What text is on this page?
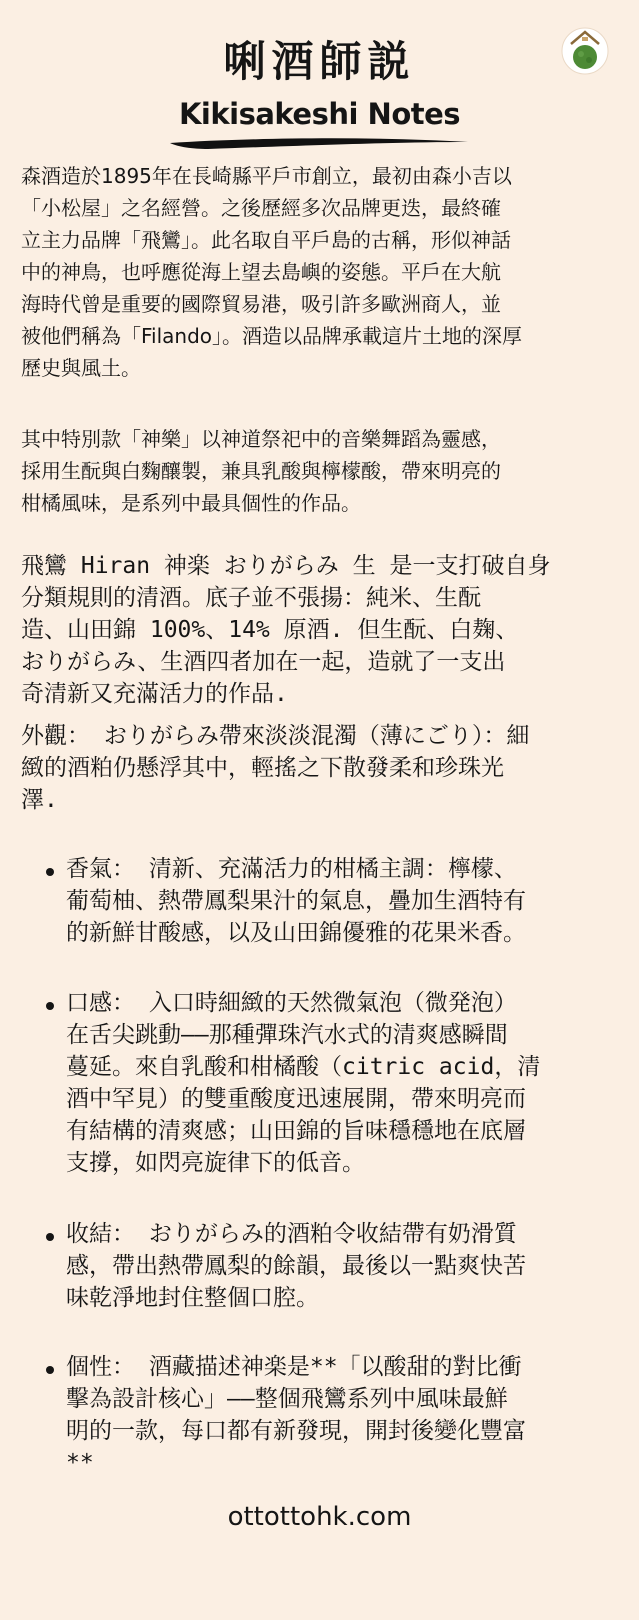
唎酒師説
Kikisakeshi Notes

森酒造於1895年在長崎縣平戶市創立，最初由森小吉以
「小松屋」之名經營。之後歷經多次品牌更迭，最終確
立主力品牌「飛鸞」。此名取自平戶島的古稱，形似神話
中的神鳥，也呼應從海上望去島嶼的姿態。平戶在大航
海時代曾是重要的國際貿易港，吸引許多歐洲商人，並
被他們稱為「Filando」。酒造以品牌承載這片土地的深厚
歷史與風土。

其中特別款「神樂」以神道祭祀中的音樂舞蹈為靈感，
採用生酛與白麴釀製，兼具乳酸與檸檬酸，帶來明亮的
柑橘風味，是系列中最具個性的作品。

飛鸞 Hiran 神楽 おりがらみ 生 是一支打破自身
分類規則的清酒。底子並不張揚：純米、生酛
造、山田錦 100%、14% 原酒. 但生酛、白麹、
おりがらみ、生酒四者加在一起，造就了一支出
奇清新又充滿活力的作品.

外觀： おりがらみ帶來淡淡混濁（薄にごり）：細
緻的酒粕仍懸浮其中，輕搖之下散發柔和珍珠光
澤.

香氣： 清新、充滿活力的柑橘主調：檸檬、
葡萄柚、熱帶鳳梨果汁的氣息，疊加生酒特有
的新鮮甘酸感，以及山田錦優雅的花果米香。

口感： 入口時細緻的天然微氣泡（微発泡）
在舌尖跳動——那種彈珠汽水式的清爽感瞬間
蔓延。來自乳酸和柑橘酸（citric acid，清
酒中罕見）的雙重酸度迅速展開，帶來明亮而
有結構的清爽感；山田錦的旨味穩穩地在底層
支撐，如閃亮旋律下的低音。

收結： おりがらみ的酒粕令收結帶有奶滑質
感，帶出熱帶鳳梨的餘韻，最後以一點爽快苦
味乾淨地封住整個口腔。

個性： 酒藏描述神楽是**「以酸甜的對比衝
擊為設計核心」——整個飛鸞系列中風味最鮮
明的一款，每口都有新發現，開封後變化豐富
**

ottottohk.com
